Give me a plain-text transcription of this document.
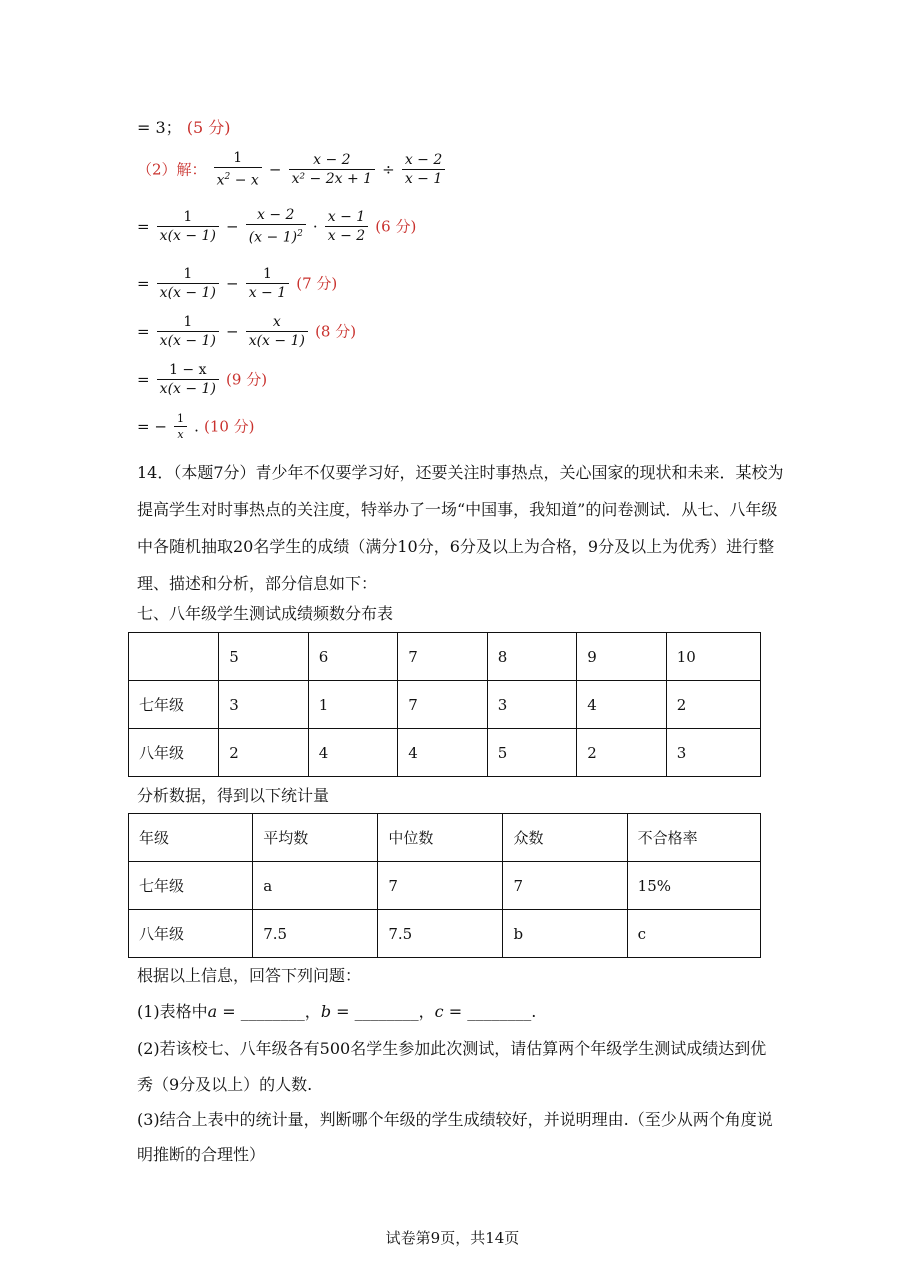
= 3； (5 分)
（2）解： $\frac{1}{x^2 - x} - \frac{x - 2}{\text{x² − 2x + 1}} \div \frac{x - 2}{x - 1}$
= $\frac{1}{x(x - 1)} - \frac{x - 2}{(x - 1)^2} \cdot \frac{x - 1}{x - 2} (6$ 分)
= $\frac{1}{x(x - 1)} - \frac{1}{x - 1} (7$ 分)
= $\frac{1}{x(x - 1)} - \frac{x}{x(x - 1)} (8$ 分)
= $\frac{1 - x}{x(x - 1)} (9$ 分)
= − $\frac{1}{x}$ . (10 分)
14．（本题7分）青少年不仅要学习好，还要关注时事热点，关心国家的现状和未来．某校为提高学生对时事热点的关注度，特举办了一场“中国事，我知道”的问卷测试．从七、八年级中各随机抽取20名学生的成绩（满分10分，6分及以上为合格，9分及以上为优秀）进行整理、描述和分析，部分信息如下：
七、八年级学生测试成绩频数分布表
	5	6	7	8	9	10
七年级	3	1	7	3	4	2
八年级	2	4	4	5	2	3
分析数据，得到以下统计量
年级	平均数	中位数	众数	不合格率
七年级	a	7	7	15%
八年级	7.5	7.5	b	c
根据以上信息，回答下列问题：
(1)表格中a = ________，b = ________，c = ________.
(2)若该校七、八年级各有500名学生参加此次测试，请估算两个年级学生测试成绩达到优
秀（9分及以上）的人数.
(3)结合上表中的统计量，判断哪个年级的学生成绩较好，并说明理由.（至少从两个角度说
明推断的合理性）
试卷第9页，共14页
